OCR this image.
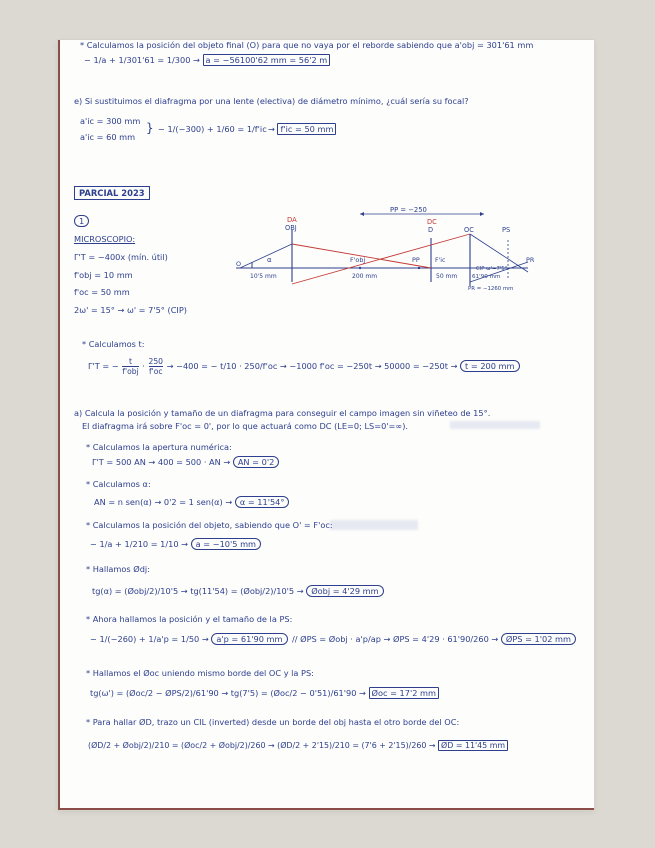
* Calculamos la posición del objeto final (O) para que no vaya por el reborde sabiendo que a'obj = 301'61 mm
− 1/a + 1/301'61 = 1/300 → a = −56100'62 mm = 56'2 m
e) Si sustituimos el diafragma por una lente (electiva) de diámetro mínimo, ¿cuál sería su focal?
a'ic = 300 mm
a'ic = 60 mm
} − 1/(−300) + 1/60 = 1/f'ic → f'ic = 50 mm
PARCIAL 2023
1
MICROSCOPIO:
Γ'T = −400x (mín. útil)
f'obj = 10 mm
f'oc = 50 mm
2ω' = 15° → ω' = 7'5° (CIP)
PP = −250
DA
OBJ
DC
D	OC	PS
O	α	F'obj	PP F'ic	PR
10'5 mm	200 mm	50 mm	61'90 mm
PR = −1260 mm
CIP ω'=7'5°
* Calculamos t:
Γ'T = − $\frac{t}{\text{f'obj}} \cdot \frac{250}{f'oc} \to -400$ = − t/10 · 250/f'oc → −1000 f'oc = −250t → 50000 = −250t → t = 200 mm
a) Calcula la posición y tamaño de un diafragma para conseguir el campo imagen sin viñeteo de 15°.
El diafragma irá sobre F'oc = 0', por lo que actuará como DC (LE=0; LS=0'=∞).
* Calculamos la apertura numérica:
Γ'T = 500 AN → 400 = 500 · AN → AN = 0'2
* Calculamos α:
AN = n sen(α) → 0'2 = 1 sen(α) → α = 11'54°
* Calculamos la posición del objeto, sabiendo que O' = F'oc:
− 1/a + 1/210 = 1/10 → a = −10'5 mm
* Hallamos Ødj:
tg(α) = (Øobj/2)/10'5 → tg(11'54) = (Øobj/2)/10'5 → Øobj = 4'29 mm
* Ahora hallamos la posición y el tamaño de la PS:
− 1/(−260) + 1/a'p = 1/50 → a'p = 61'90 mm	// ØPS = Øobj · a'p/ap → ØPS = 4'29 · 61'90/260 → ØPS = 1'02 mm
* Hallamos el Øoc uniendo mismo borde del OC y la PS:
tg(ω') = (Øoc/2 − ØPS/2)/61'90 → tg(7'5) = (Øoc/2 − 0'51)/61'90 → Øoc = 17'2 mm
* Para hallar ØD, trazo un CIL (inverted) desde un borde del obj hasta el otro borde del OC:
(ØD/2 + Øobj/2)/210 = (Øoc/2 + Øobj/2)/260 → (ØD/2 + 2'15)/210 = (7'6 + 2'15)/260 → ØD = 11'45 mm
